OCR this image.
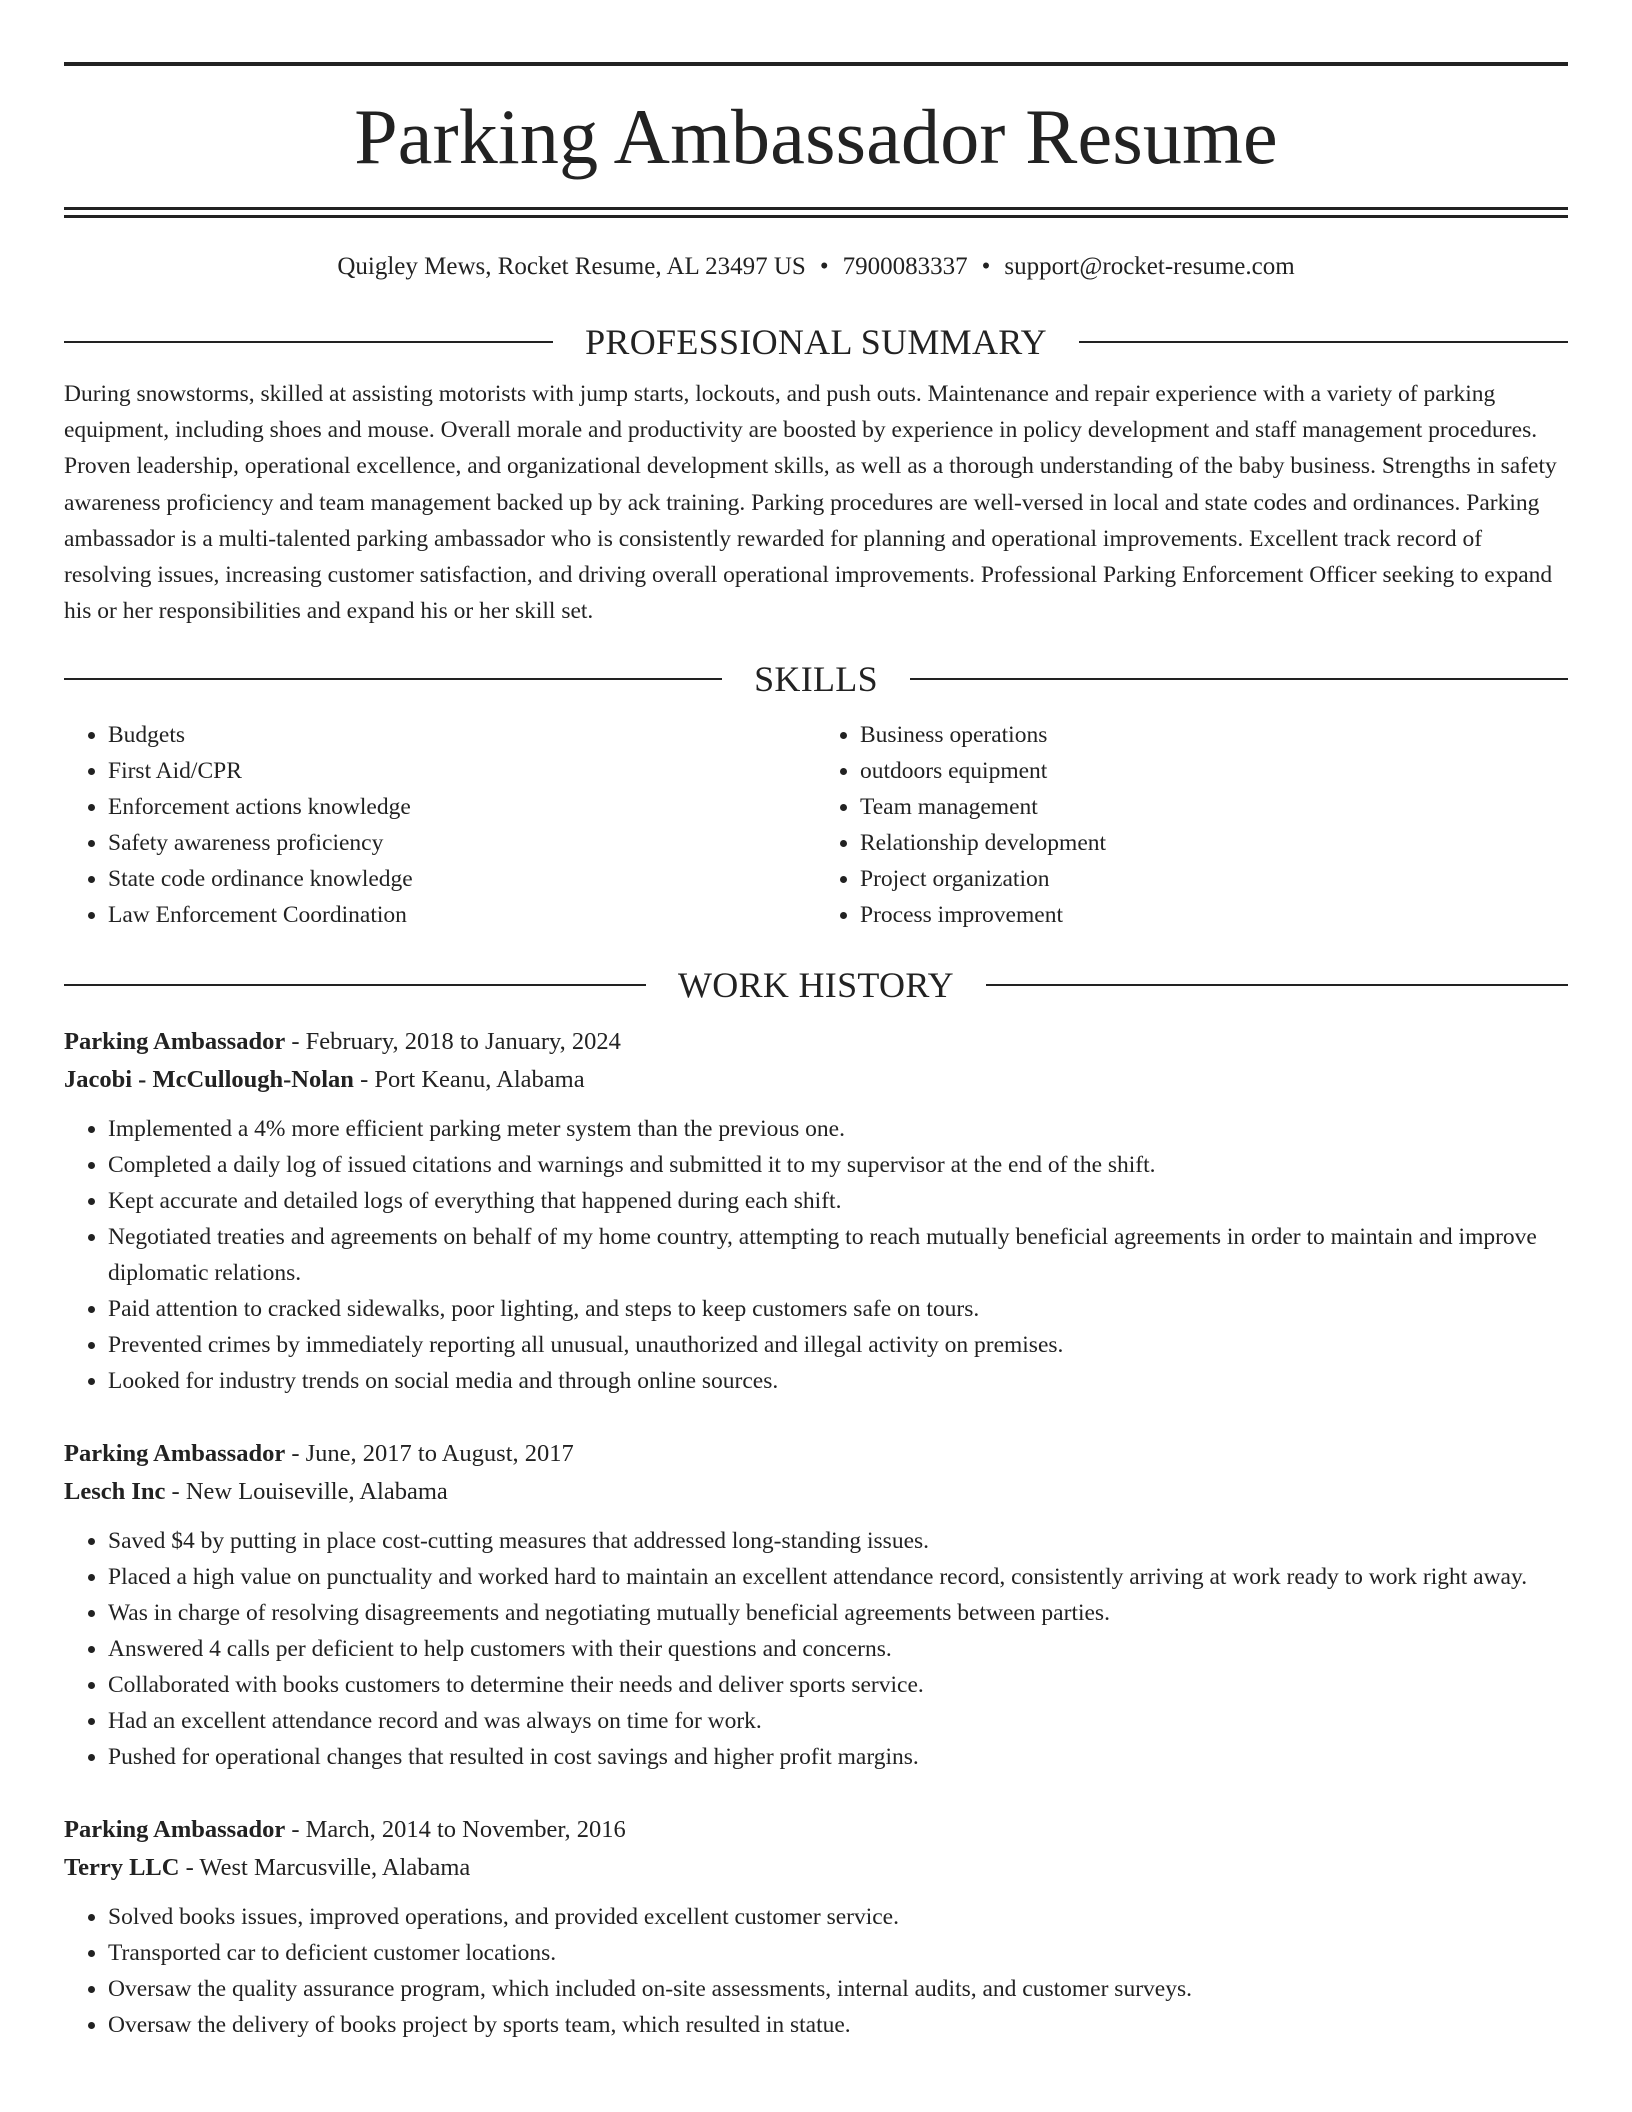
Parking Ambassador Resume
Quigley Mews, Rocket Resume, AL 23497 US • 7900083337 • support@rocket-resume.com
PROFESSIONAL SUMMARY
During snowstorms, skilled at assisting motorists with jump starts, lockouts, and push outs. Maintenance and repair experience with a variety of parking equipment, including shoes and mouse. Overall morale and productivity are boosted by experience in policy development and staff management procedures. Proven leadership, operational excellence, and organizational development skills, as well as a thorough understanding of the baby business. Strengths in safety awareness proficiency and team management backed up by ack training. Parking procedures are well-versed in local and state codes and ordinances. Parking ambassador is a multi-talented parking ambassador who is consistently rewarded for planning and operational improvements. Excellent track record of resolving issues, increasing customer satisfaction, and driving overall operational improvements. Professional Parking Enforcement Officer seeking to expand his or her responsibilities and expand his or her skill set.
SKILLS
• Budgets
• First Aid/CPR
• Enforcement actions knowledge
• Safety awareness proficiency
• State code ordinance knowledge
• Law Enforcement Coordination
• Business operations
• outdoors equipment
• Team management
• Relationship development
• Project organization
• Process improvement
WORK HISTORY
Parking Ambassador - February, 2018 to January, 2024
Jacobi - McCullough-Nolan - Port Keanu, Alabama
• Implemented a 4% more efficient parking meter system than the previous one.
• Completed a daily log of issued citations and warnings and submitted it to my supervisor at the end of the shift.
• Kept accurate and detailed logs of everything that happened during each shift.
• Negotiated treaties and agreements on behalf of my home country, attempting to reach mutually beneficial agreements in order to maintain and improve diplomatic relations.
• Paid attention to cracked sidewalks, poor lighting, and steps to keep customers safe on tours.
• Prevented crimes by immediately reporting all unusual, unauthorized and illegal activity on premises.
• Looked for industry trends on social media and through online sources.
Parking Ambassador - June, 2017 to August, 2017
Lesch Inc - New Louiseville, Alabama
• Saved $4 by putting in place cost-cutting measures that addressed long-standing issues.
• Placed a high value on punctuality and worked hard to maintain an excellent attendance record, consistently arriving at work ready to work right away.
• Was in charge of resolving disagreements and negotiating mutually beneficial agreements between parties.
• Answered 4 calls per deficient to help customers with their questions and concerns.
• Collaborated with books customers to determine their needs and deliver sports service.
• Had an excellent attendance record and was always on time for work.
• Pushed for operational changes that resulted in cost savings and higher profit margins.
Parking Ambassador - March, 2014 to November, 2016
Terry LLC - West Marcusville, Alabama
• Solved books issues, improved operations, and provided excellent customer service.
• Transported car to deficient customer locations.
• Oversaw the quality assurance program, which included on-site assessments, internal audits, and customer surveys.
• Oversaw the delivery of books project by sports team, which resulted in statue.
